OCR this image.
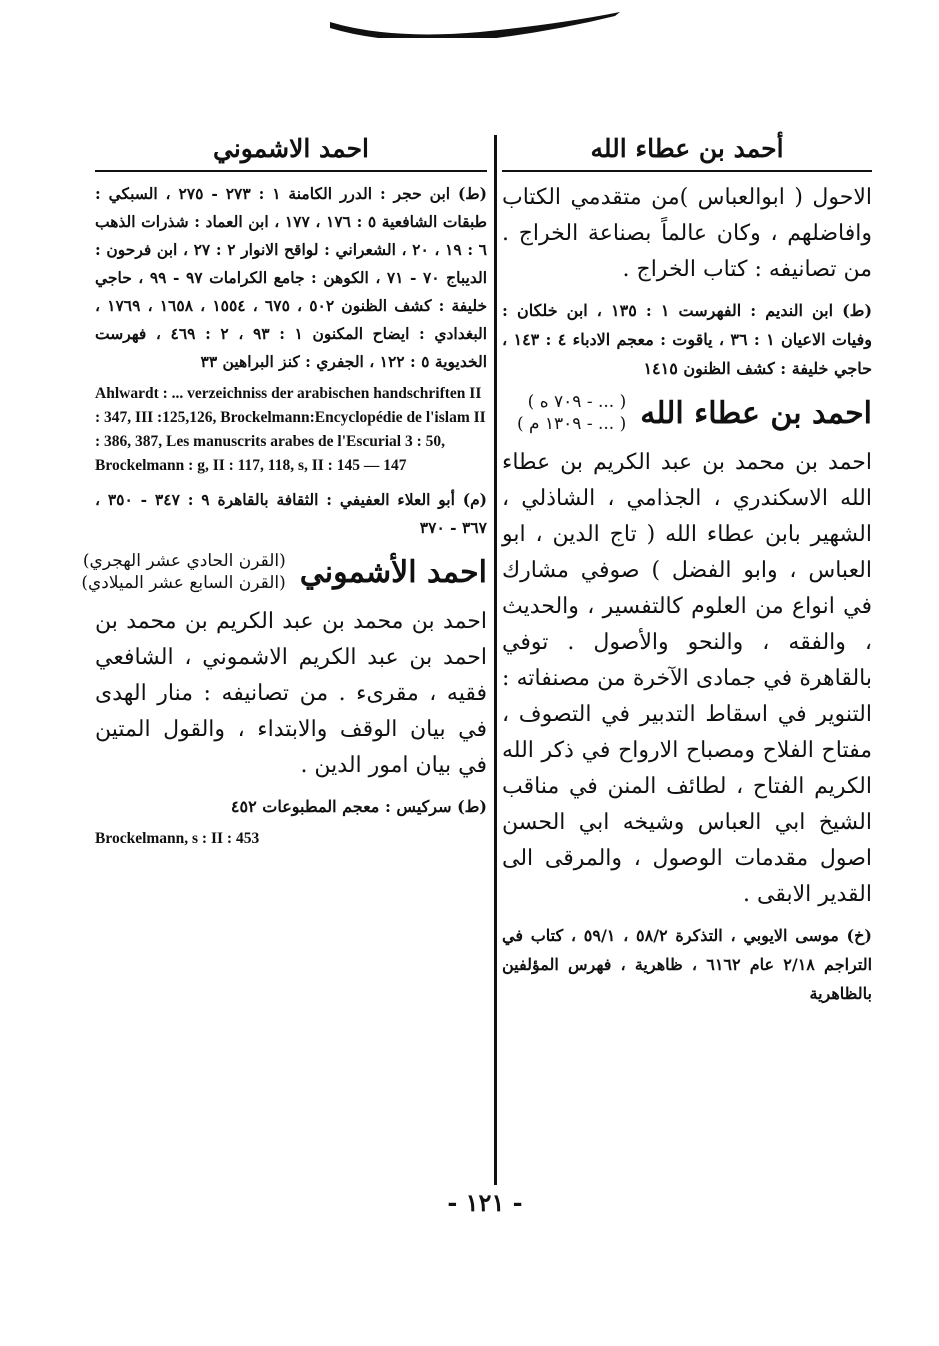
أحمد بن عطاء الله

الاحول ( ابوالعباس )من متقدمي الكتاب وافاضلهم ، وكان عالماً بصناعة الخراج . من تصانيفه : كتاب الخراج .

(ط) ابن النديم : الفهرست ١ : ١٣٥ ، ابن خلكان : وفيات الاعيان ١ : ٣٦ ، ياقوت : معجم الادباء ٤ : ١٤٣ ، حاجي خليفة : كشف الظنون ١٤١٥

احمد بن عطاء الله
( ... - ٧٠٩ ه )
( ... - ١٣٠٩ م )

احمد بن محمد بن عبد الكريم بن عطاء الله الاسكندري ، الجذامي ، الشاذلي ، الشهير بابن عطاء الله ( تاج الدين ، ابو العباس ، وابو الفضل ) صوفي مشارك في انواع من العلوم كالتفسير ، والحديث ، والفقه ، والنحو والأصول . توفي بالقاهرة في جمادى الآخرة من مصنفاته : التنوير في اسقاط التدبير في التصوف ، مفتاح الفلاح ومصباح الارواح في ذكر الله الكريم الفتاح ، لطائف المنن في مناقب الشيخ ابي العباس وشيخه ابي الحسن اصول مقدمات الوصول ، والمرقى الى القدير الابقى .

(خ) موسى الايوبي ، التذكرة ٥٨/٢ ، ٥٩/١ ، كتاب في التراجم ٢/١٨ عام ٦١٦٢ ، ظاهرية ، فهرس المؤلفين بالظاهرية

احمد الاشموني

(ط) ابن حجر : الدرر الكامنة ١ : ٢٧٣ - ٢٧٥ ، السبكي : طبقات الشافعية ٥ : ١٧٦ ، ١٧٧ ، ابن العماد : شذرات الذهب ٦ : ١٩ ، ٢٠ ، الشعراني : لواقح الانوار ٢ : ٢٧ ، ابن فرحون : الديباج ٧٠ - ٧١ ، الكوهن : جامع الكرامات ٩٧ - ٩٩ ، حاجي خليفة : كشف الظنون ٥٠٢ ، ٦٧٥ ، ١٥٥٤ ، ١٦٥٨ ، ١٧٦٩ ، البغدادي : ايضاح المكنون ١ : ٩٣ ، ٢ : ٤٦٩ ، فهرست الخديوية ٥ : ١٢٢ ، الجفري : كنز البراهين ٣٣

Ahlwardt : ... verzeichniss der arabischen handschriften II : 347, III :125,126, Brockelmann:Encyclopédie de l'islam II : 386, 387, Les manuscrits arabes de l'Escurial 3 : 50, Brockelmann : g, II : 117, 118, s, II : 145 — 147

(م) أبو العلاء العفيفي : الثقافة بالقاهرة ٩ : ٣٤٧ - ٣٥٠ ، ٣٦٧ - ٣٧٠

احمد الأشموني
(القرن الحادي عشر الهجري)
(القرن السابع عشر الميلادي)

احمد بن محمد بن عبد الكريم بن محمد بن احمد بن عبد الكريم الاشموني ، الشافعي فقيه ، مقرىء . من تصانيفه : منار الهدى في بيان الوقف والابتداء ، والقول المتين في بيان امور الدين .

(ط) سركيس : معجم المطبوعات ٤٥٢

Brockelmann, s : II : 453

- ١٢١ -
